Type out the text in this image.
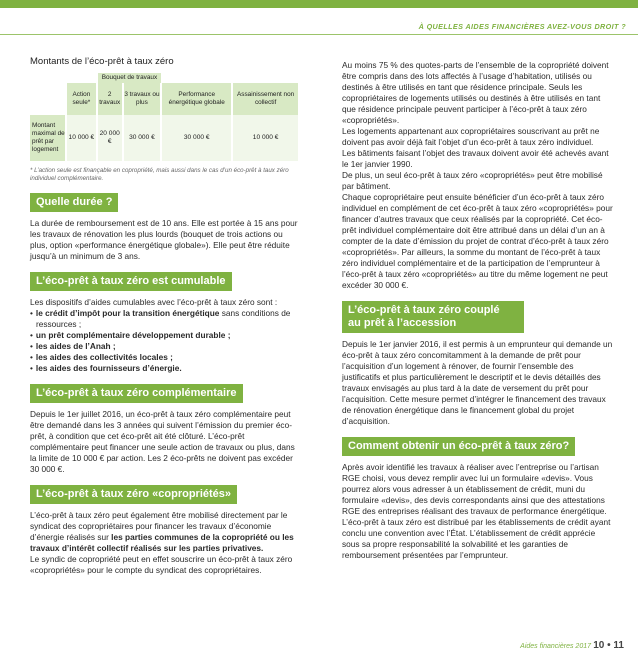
À QUELLES AIDES FINANCIÈRES AVEZ-VOUS DROIT ?
Montants de l’éco-prêt à taux zéro
		Bouquet de travaux			
	Action seule*	2 travaux	3 travaux ou plus	Performance énergétique globale	Assainissement non collectif
Montant maximal de prêt par logement	10 000 €	20 000 €	30 000 €	30 000 €	10 000 €
* L’action seule est finançable en copropriété, mais aussi dans le cas d’un éco-prêt à taux zéro individuel complémentaire.
Quelle durée ?

La durée de remboursement est de 10 ans. Elle est portée à 15 ans pour les travaux de rénovation les plus lourds (bouquet de trois actions ou plus, option «performance énergétique globale»). Elle peut être réduite jusqu’à un minimum de 3 ans.

L’éco-prêt à taux zéro est cumulable

Les dispositifs d’aides cumulables avec l’éco-prêt à taux zéro sont :

• le crédit d’impôt pour la transition énergétique sans conditions de ressources ;
• un prêt complémentaire développement durable ;
• les aides de l’Anah ;
• les aides des collectivités locales ;
• les aides des fournisseurs d’énergie.
L’éco-prêt à taux zéro complémentaire

Depuis le 1er juillet 2016, un éco-prêt à taux zéro complémentaire peut être demandé dans les 3 années qui suivent l’émission du premier éco-prêt, à condition que cet éco-prêt ait été clôturé. L’éco-prêt complémentaire peut financer une seule action de travaux ou plus, dans la limite de 10 000 € par action. Les 2 éco-prêts ne doivent pas excéder 30 000 €.

L’éco-prêt à taux zéro «copropriétés»

L’éco-prêt à taux zéro peut également être mobilisé directement par le syndicat des copropriétaires pour financer les travaux d’économie d’énergie réalisés sur les parties communes de la copropriété ou les travaux d’intérêt collectif réalisés sur les parties privatives.

Le syndic de copropriété peut en effet souscrire un éco-prêt à taux zéro «copropriétés» pour le compte du syndicat des copropriétaires.

Au moins 75 % des quotes-parts de l’ensemble de la copropriété doivent être compris dans des lots affectés à l’usage d’habitation, utilisés ou destinés à être utilisés en tant que résidence principale. Seuls les copropriétaires de logements utilisés ou destinés à être utilisés en tant que résidence principale peuvent participer à l’éco-prêt à taux zéro «copropriétés».

Les logements appartenant aux copropriétaires souscrivant au prêt ne doivent pas avoir déjà fait l’objet d’un éco-prêt à taux zéro individuel.

Les bâtiments faisant l’objet des travaux doivent avoir été achevés avant le 1er janvier 1990.

De plus, un seul éco-prêt à taux zéro «copropriétés» peut être mobilisé par bâtiment.

Chaque copropriétaire peut ensuite bénéficier d’un éco-prêt à taux zéro individuel en complément de cet éco-prêt à taux zéro «copropriétés» pour financer d’autres travaux que ceux réalisés par la copropriété. Cet éco-prêt individuel complémentaire doit être attribué dans un délai d’un an à compter de la date d’émission du projet de contrat d’éco-prêt à taux zéro «copropriétés». Par ailleurs, la somme du montant de l’éco-prêt à taux zéro individuel complémentaire et de la participation de l’emprunteur à l’éco-prêt à taux zéro «copropriétés» au titre du même logement ne peut excéder 30 000 €.

L’éco-prêt à taux zéro couplé
au prêt à l’accession

Depuis le 1er janvier 2016, il est permis à un emprunteur qui demande un éco-prêt à taux zéro concomitamment à la demande de prêt pour l’acquisition d’un logement à rénover, de fournir l’ensemble des justificatifs et plus particulièrement le descriptif et le devis détaillés des travaux envisagés au plus tard à la date de versement du prêt pour l’acquisition. Cette mesure permet d’intégrer le financement des travaux de rénovation énergétique dans le financement global du projet d’acquisition.

Comment obtenir un éco-prêt à taux zéro?

Après avoir identifié les travaux à réaliser avec l’entreprise ou l’artisan RGE choisi, vous devez remplir avec lui un formulaire «devis». Vous pourrez alors vous adresser à un établissement de crédit, muni du formulaire «devis», des devis correspondants ainsi que des attestations RGE des entreprises réalisant des travaux de performance énergétique.

L’éco-prêt à taux zéro est distribué par les établissements de crédit ayant conclu une convention avec l’État. L’établissement de crédit apprécie sous sa propre responsabilité la solvabilité et les garanties de remboursement présentées par l’emprunteur.

Aides financières 2017 10 • 11
